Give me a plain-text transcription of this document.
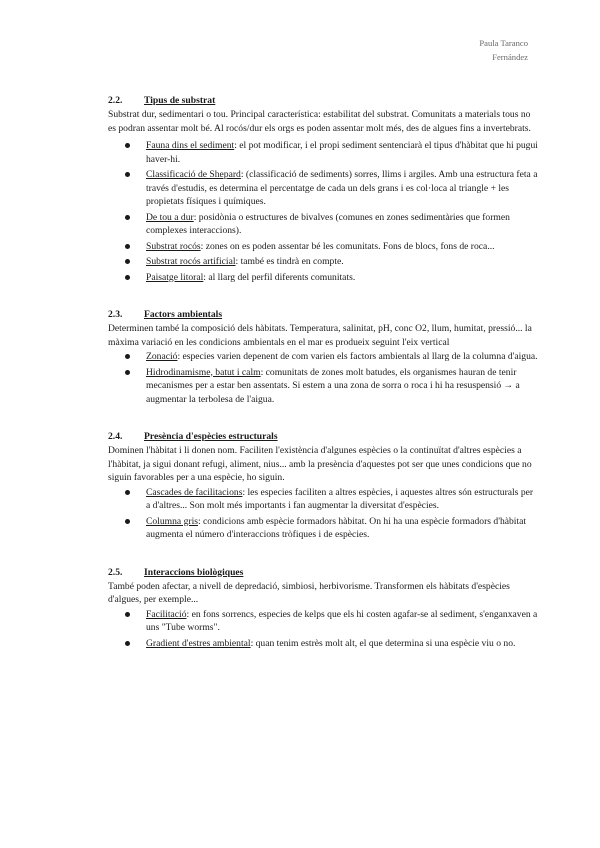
Paula Taranco
Fernández
2.2. Tipus de substrat

Substrat dur, sedimentari o tou. Principal característica: estabilitat del substrat. Comunitats a materials tous no es podran assentar molt bé. Al rocós/dur els orgs es poden assentar molt més, des de algues fins a invertebrats.

Fauna dins el sediment: el pot modificar, i el propi sediment sentenciarà el tipus d'hàbitat que hi pugui haver-hi.
Classificació de Shepard: (classificació de sediments) sorres, llims i argiles. Amb una estructura feta a través d'estudis, es determina el percentatge de cada un dels grans i es col·loca al triangle + les propietats físiques i químiques.
De tou a dur: posidònia o estructures de bivalves (comunes en zones sedimentàries que formen complexes interaccions).
Substrat rocós: zones on es poden assentar bé les comunitats. Fons de blocs, fons de roca...
Substrat rocós artificial: també es tindrà en compte.
Paisatge litoral: al llarg del perfil diferents comunitats.
2.3. Factors ambientals

Determinen també la composició dels hàbitats. Temperatura, salinitat, pH, conc O2, llum, humitat, pressió... la màxima variació en les condicions ambientals en el mar es produeix seguint l'eix vertical

Zonació: especies varien depenent de com varien els factors ambientals al llarg de la columna d'aigua.
Hidrodinamisme, batut i calm: comunitats de zones molt batudes, els organismes hauran de tenir mecanismes per a estar ben assentats. Si estem a una zona de sorra o roca i hi ha resuspensió → a augmentar la terbolesa de l'aigua.
2.4. Presència d'espècies estructurals

Dominen l'hàbitat i li donen nom. Faciliten l'existència d'algunes espècies o la continuïtat d'altres espècies a l'hàbitat, ja sigui donant refugi, aliment, nius... amb la presència d'aquestes pot ser que unes condicions que no siguin favorables per a una espècie, ho siguin.

Cascades de facilitacions: les especies faciliten a altres espècies, i aquestes altres són estructurals per a d'altres... Son molt més importants i fan augmentar la diversitat d'espècies.
Columna gris: condicions amb espècie formadors hàbitat. On hi ha una espècie formadors d'hàbitat augmenta el número d'interaccions tròfiques i de espècies.
2.5. Interaccions biològiques

També poden afectar, a nivell de depredació, simbiosi, herbivorisme. Transformen els hàbitats d'espècies d'algues, per exemple...

Facilitació: en fons sorrencs, especies de kelps que els hi costen agafar-se al sediment, s'enganxaven a uns "Tube worms".
Gradient d'estres ambiental: quan tenim estrès molt alt, el que determina si una espècie viu o no.
